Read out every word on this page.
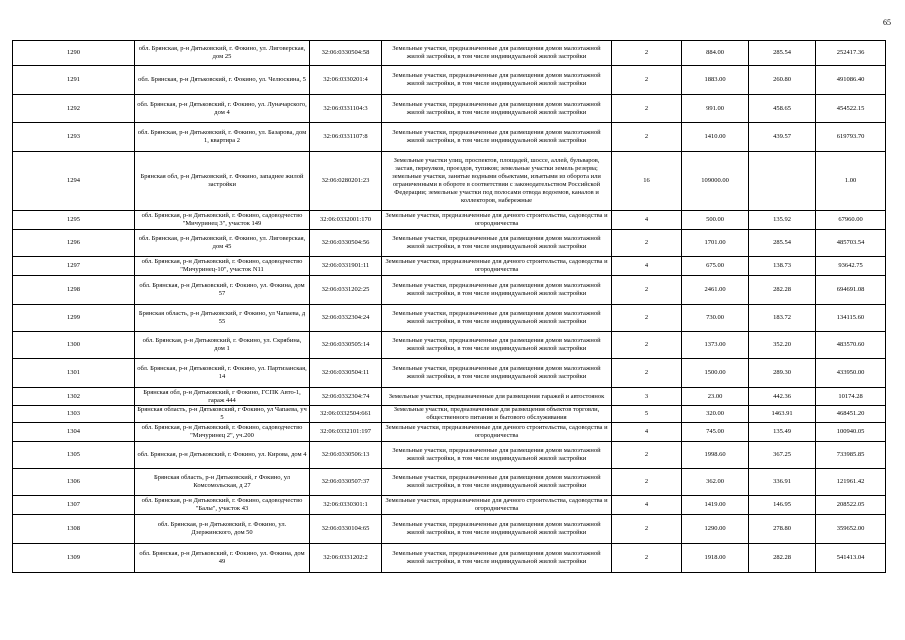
65
1290	обл. Брянская, р-н Дятьковский, г. Фокино, ул. Лиговерская, дом 25	32:06:0330504:58	Земельные участки, предназначенные для размещения домов малоэтажной жилой застройки, в том числе индивидуальной жилой застройки	2	884.00	285.54	252417.36
1291	обл. Брянская, р-н Дятьковский, г. Фокино, ул. Челюскина, 5	32:06:0330201:4	Земельные участки, предназначенные для размещения домов малоэтажной жилой застройки, в том числе индивидуальной жилой застройки	2	1883.00	260.80	491086.40
1292	обл. Брянская, р-н Дятьковский, г. Фокино, ул. Луначарского, дом 4	32:06:0331104:3	Земельные участки, предназначенные для размещения домов малоэтажной жилой застройки, в том числе индивидуальной жилой застройки	2	991.00	458.65	454522.15
1293	обл. Брянская, р-н Дятьковский, г. Фокино, ул. Базарова, дом 1, квартира 2	32:06:0331107:8	Земельные участки, предназначенные для размещения домов малоэтажной жилой застройки, в том числе индивидуальной жилой застройки	2	1410.00	439.57	619793.70
1294	Брянская обл, р-н Дятьковский, г. Фокино, западнее жилой застройки	32:06:0280201:23	Земельные участки улиц, проспектов, площадей, шоссе, аллей, бульваров, застав, переулков, проездов, тупиков; земельные участки земель резерва; земельные участки, занятые водными объектами, изъятыми из оборота или ограниченными в обороте в соответствии с законодательством Российской Федерации; земельные участки под полосами отвода водоемов, каналов и коллекторов, набережные	16	109000.00		1.00
1295	обл. Брянская, р-н Дятьковский, г. Фокино, садоводчество "Мичуринец 3", участок 149	32:06:0332001:170	Земельные участки, предназначенные для дачного строительства, садоводства и огородничества	4	500.00	135.92	67960.00
1296	обл. Брянская, р-н Дятьковский, г. Фокино, ул. Лиговерская, дом 45	32:06:0330504:56	Земельные участки, предназначенные для размещения домов малоэтажной жилой застройки, в том числе индивидуальной жилой застройки	2	1701.00	285.54	485703.54
1297	обл. Брянская, р-н Дятьковский, г. Фокино, садоводчество "Мичуринец-10", участок N11	32:06:0331901:11	Земельные участки, предназначенные для дачного строительства, садоводства и огородничества	4	675.00	138.73	93642.75
1298	обл. Брянская, р-н Дятьковский, г. Фокино, ул. Фокина, дом 57	32:06:0331202:25	Земельные участки, предназначенные для размещения домов малоэтажной жилой застройки, в том числе индивидуальной жилой застройки	2	2461.00	282.28	694691.08
1299	Брянская область, р-н Дятьковский, г Фокино, ул Чапаева, д 55	32:06:0332304:24	Земельные участки, предназначенные для размещения домов малоэтажной жилой застройки, в том числе индивидуальной жилой застройки	2	730.00	183.72	134115.60
1300	обл. Брянская, р-н Дятьковский, г. Фокино, ул. Скрябина, дом 1	32:06:0330505:14	Земельные участки, предназначенные для размещения домов малоэтажной жилой застройки, в том числе индивидуальной жилой застройки	2	1373.00	352.20	483570.60
1301	обл. Брянская, р-н Дятьковский, г. Фокино, ул. Партизанская, 14	32:06:0330504:11	Земельные участки, предназначенные для размещения домов малоэтажной жилой застройки, в том числе индивидуальной жилой застройки	2	1500.00	289.30	433950.00
1302	Брянская обл, р-н Дятьковский, г Фокино, ГСПК Авто-1, гараж 444	32:06:0332304:74	Земельные участки, предназначенные для размещения гаражей и автостоянок	3	23.00	442.36	10174.28
1303	Брянская область, р-н Дятьковский, г Фокино, ул Чапаева, уч 5	32:06:0332504:661	Земельные участки, предназначенные для размещения объектов торговли, общественного питания и бытового обслуживания	5	320.00	1463.91	468451.20
1304	обл. Брянская, р-н Дятьковский, г. Фокино, садоводчество "Мичуринец 2", уч.200	32:06:0332101:197	Земельные участки, предназначенные для дачного строительства, садоводства и огородничества	4	745.00	135.49	100940.05
1305	обл. Брянская, р-н Дятьковский, г. Фокино, ул. Кирова, дом 4	32:06:0330506:13	Земельные участки, предназначенные для размещения домов малоэтажной жилой застройки, в том числе индивидуальной жилой застройки	2	1998.60	367.25	733985.85
1306	Брянская область, р-н Дятьковский, г Фокино, ул Комсомольская, д 27	32:06:0330507:37	Земельные участки, предназначенные для размещения домов малоэтажной жилой застройки, в том числе индивидуальной жилой застройки	2	362.00	336.91	121961.42
1307	обл. Брянская, р-н Дятьковский, г. Фокино, садоводчество "Балы", участок 43	32:06:0330301:1	Земельные участки, предназначенные для дачного строительства, садоводства и огородничества	4	1419.00	146.95	208522.05
1308	обл. Брянская, р-н Дятьковский, г. Фокино, ул. Дзержинского, дом 50	32:06:0330104:65	Земельные участки, предназначенные для размещения домов малоэтажной жилой застройки, в том числе индивидуальной жилой застройки	2	1290.00	278.80	359652.00
1309	обл. Брянская, р-н Дятьковский, г. Фокино, ул. Фокина, дом 49	32:06:0331202:2	Земельные участки, предназначенные для размещения домов малоэтажной жилой застройки, в том числе индивидуальной жилой застройки	2	1918.00	282.28	541413.04
